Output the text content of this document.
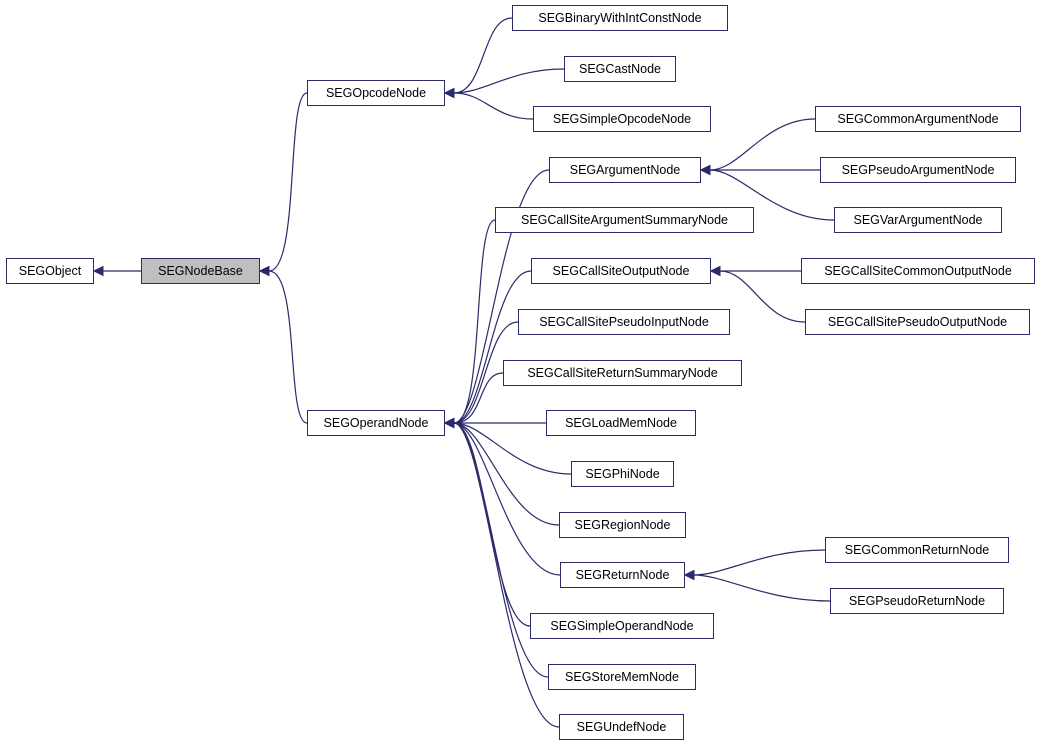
SEGObject	SEGNodeBase
SEGOpcodeNode
SEGBinaryWithIntConstNode
SEGCastNode
SEGSimpleOpcodeNode
SEGArgumentNode
SEGCommonArgumentNode
SEGPseudoArgumentNode
SEGVarArgumentNode
SEGCallSiteArgumentSummaryNode
SEGCallSiteOutputNode	SEGCallSiteCommonOutputNode
SEGCallSitePseudoOutputNode
SEGCallSitePseudoInputNode
SEGCallSiteReturnSummaryNode
SEGOperandNode	SEGLoadMemNode
SEGPhiNode
SEGRegionNode
SEGReturnNode
SEGCommonReturnNode
SEGPseudoReturnNode
SEGSimpleOperandNode
SEGStoreMemNode
SEGUndefNode
